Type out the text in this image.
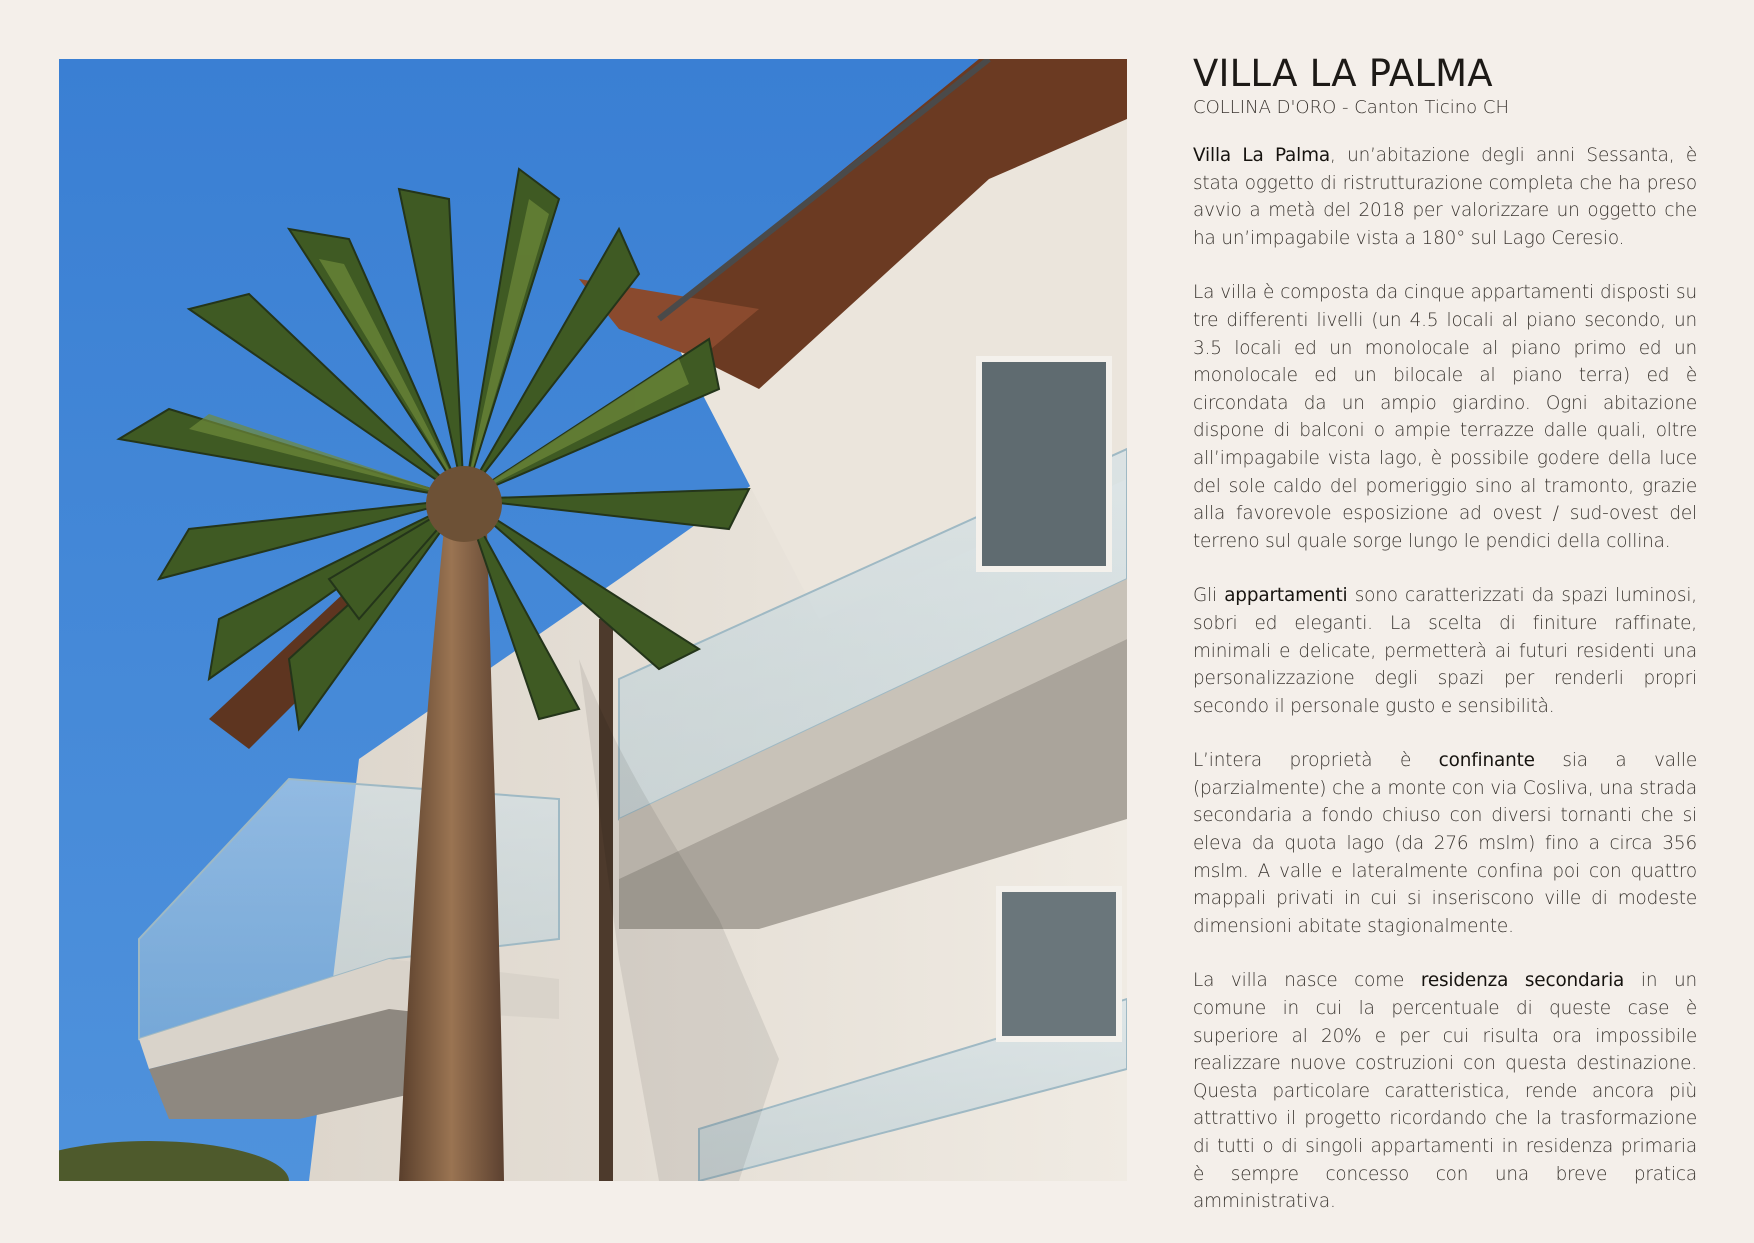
VILLA LA PALMA

COLLINA D'ORO - Canton Ticino CH

Villa La Palma, un’abitazione degli anni Sessanta, è stata oggetto di ristrutturazione completa che ha preso avvio a metà del 2018 per valorizzare un oggetto che ha un’impagabile vista a 180° sul Lago Ceresio.

La villa è composta da cinque appartamenti disposti su tre differenti livelli (un 4.5 locali al piano secondo, un 3.5 locali ed un monolocale al piano primo ed un monolocale ed un bilocale al piano terra) ed è circondata da un ampio giardino. Ogni abitazione dispone di balconi o ampie terrazze dalle quali, oltre all’impagabile vista lago, è possibile godere della luce del sole caldo del pomeriggio sino al tramonto, grazie alla favorevole esposizione ad ovest / sud-ovest del terreno sul quale sorge lungo le pendici della collina.

Gli appartamenti sono caratterizzati da spazi luminosi, sobri ed eleganti. La scelta di finiture raffinate, minimali e delicate, permetterà ai futuri residenti una personalizzazione degli spazi per renderli propri secondo il personale gusto e sensibilità.

L’intera proprietà è confinante sia a valle (parzialmente) che a monte con via Cosliva, una strada secondaria a fondo chiuso con diversi tornanti che si eleva da quota lago (da 276 mslm) fino a circa 356 mslm. A valle e lateralmente confina poi con quattro mappali privati in cui si inseriscono ville di modeste dimensioni abitate stagionalmente.

La villa nasce come residenza secondaria in un comune in cui la percentuale di queste case è superiore al 20% e per cui risulta ora impossibile realizzare nuove costruzioni con questa destinazione. Questa particolare caratteristica, rende ancora più attrattivo il progetto ricordando che la trasformazione di tutti o di singoli appartamenti in residenza primaria è sempre concesso con una breve pratica amministrativa.
